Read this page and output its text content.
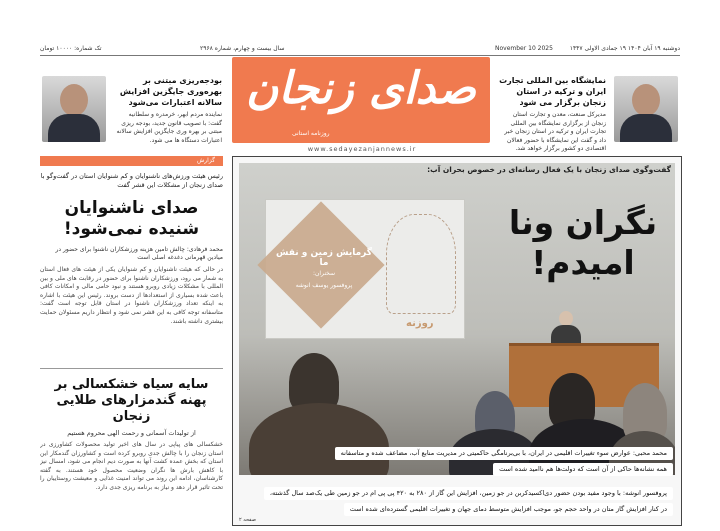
دوشنبه ۱۹ آبان ۱۴۰۴ ۱۹ جمادی الاولی ۱۴۴۷
November 10 2025
سال بیست و چهارم، شماره ۲۹۶۸
تک شماره: ۱۰۰۰۰ تومان
صدای زنجان
روزنامه استانی
www.sedayezanjannews.ir
نمایشگاه بین المللی تجارت ایران و ترکیه در استان زنجان برگزار می شود

مدیرکل صنعت، معدن و تجارت استان زنجان از برگزاری نمایشگاه بین المللی تجارت ایران و ترکیه در استان زنجان خبر داد و گفت این نمایشگاه با حضور فعالان اقتصادی دو کشور برگزار خواهد شد.

بودجه‌ریزی مبتنی بر بهره‌وری جایگزین افزایش سالانه اعتبارات می‌شود

نماینده مردم ابهر، خرمدره و سلطانیه گفت: با تصویب قانون جدید، بودجه ریزی مبتنی بر بهره وری جایگزین افزایش سالانه اعتبارات دستگاه ها می شود.

گزارش
رئیس هیئت ورزش‌های ناشنوایان و کم شنوایان استان در گفت‌وگو با صدای زنجان از مشکلات این قشر گفت
صدای ناشنوایان شنیده نمی‌شود!
محمد فرهادی: چالش تامین هزینه ورزشکاران ناشنوا برای حضور در میادین قهرمانی دغدغه اصلی است
در حالی که هیئت ناشنوایان و کم شنوایان یکی از هیئت های فعال استان به شمار می رود، ورزشکاران ناشنوا برای حضور در رقابت های ملی و بین المللی با مشکلات زیادی روبرو هستند و نبود حامی مالی و امکانات کافی باعث شده بسیاری از استعدادها از دست بروند. رئیس این هیئت با اشاره به اینکه تعداد ورزشکاران ناشنوا در استان قابل توجه است گفت: متاسفانه توجه کافی به این قشر نمی شود و انتظار داریم مسئولان حمایت بیشتری داشته باشند.
سایه سیاه خشکسالی بر پهنه گندمزارهای طلایی زنجان
از تولیدات آسمانی و رحمت الهی محروم هستیم
خشکسالی های پیاپی در سال های اخیر تولید محصولات کشاورزی در استان زنجان را با چالش جدی روبرو کرده است و کشاورزان گندمکار این استان که بخش عمده کشت آنها به صورت دیم انجام می شود، امسال نیز با کاهش بارش ها نگران وضعیت محصول خود هستند. به گفته کارشناسان، ادامه این روند می تواند امنیت غذایی و معیشت روستاییان را تحت تاثیر قرار دهد و نیاز به برنامه ریزی جدی دارد.
گرمایش زمین و نقش ما
سخنران:
پروفسور یوسف انوشه
روزنه
گفت‌وگوی صدای زنجان با یک فعال رسانه‌ای در خصوص بحران آب:
نگران ونا امیدم!
محمد محبی: عوارض سوء تغییرات اقلیمی در ایران، با بی‌برنامگی حاکمیتی در مدیریت منابع آب، مضاعف شده و متاسفانه
همه نشانه‌ها حاکی از آن است که دولت‌ها هم ناامید شده است
پروفسور انوشه: با وجود مفید بودن حضور دی‌اکسیدکربن در جو زمین، افزایش این گاز از ۲۸۰ به ۴۲۰ پی پی ام در جو زمین طی یک‌صد سال گذشته،
در کنار افزایش گاز متان در واحد حجم جو، موجب افزایش متوسط دمای جهان و تغییرات اقلیمی گسترده‌ای شده است
صفحه ۲
